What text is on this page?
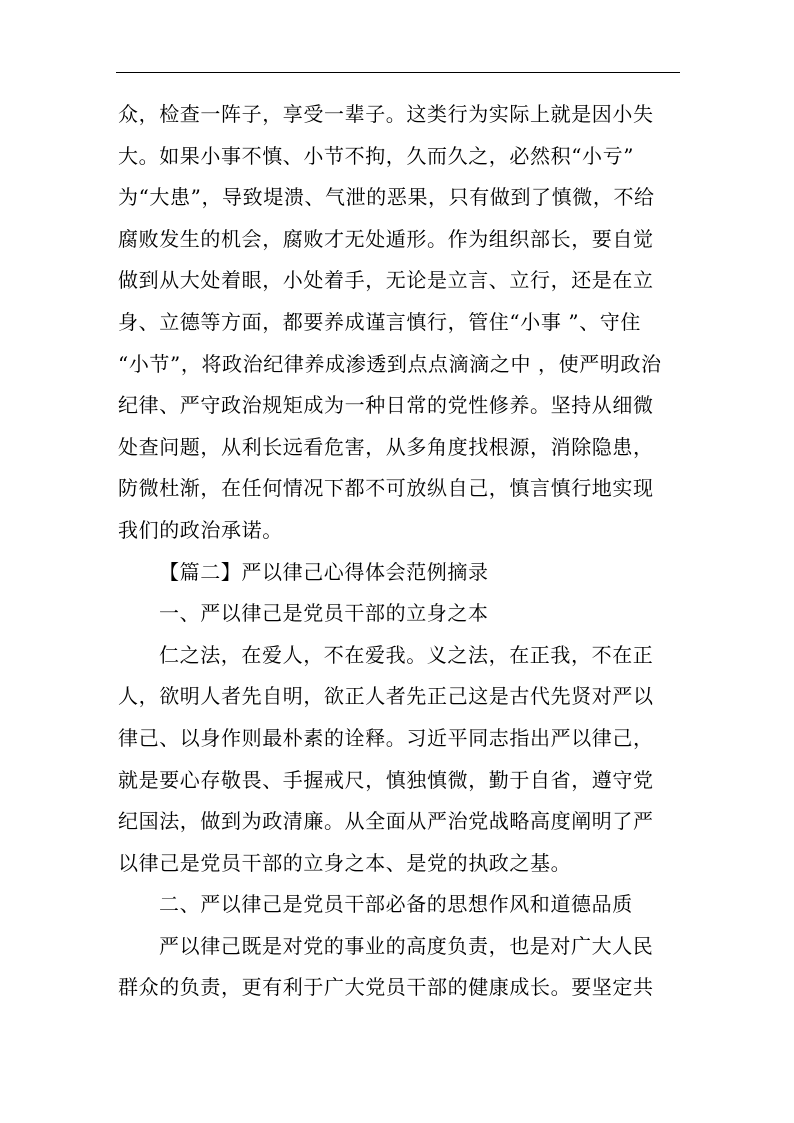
众，检查一阵子，享受一辈子。这类行为实际上就是因小失
大。如果小事不慎、小节不拘，久而久之，必然积“小亏”
为“大患”，导致堤溃、气泄的恶果，只有做到了慎微，不给
腐败发生的机会，腐败才无处遁形。作为组织部长，要自觉
做到从大处着眼，小处着手，无论是立言、立行，还是在立
身、立德等方面，都要养成谨言慎行，管住“小事 ”、守住
“小节”，将政治纪律养成渗透到点点滴滴之中 ，使严明政治
纪律、严守政治规矩成为一种日常的党性修养。坚持从细微
处查问题，从利长远看危害，从多角度找根源，消除隐患，
防微杜渐，在任何情况下都不可放纵自己，慎言慎行地实现
我们的政治承诺。
【篇二】严以律己心得体会范例摘录
一、严以律己是党员干部的立身之本
仁之法，在爱人，不在爱我。义之法，在正我，不在正
人，欲明人者先自明，欲正人者先正己这是古代先贤对严以
律己、以身作则最朴素的诠释。习近平同志指出严以律己，
就是要心存敬畏、手握戒尺，慎独慎微，勤于自省，遵守党
纪国法，做到为政清廉。从全面从严治党战略高度阐明了严
以律己是党员干部的立身之本、是党的执政之基。
二、严以律己是党员干部必备的思想作风和道德品质
严以律己既是对党的事业的高度负责，也是对广大人民
群众的负责，更有利于广大党员干部的健康成长。要坚定共
